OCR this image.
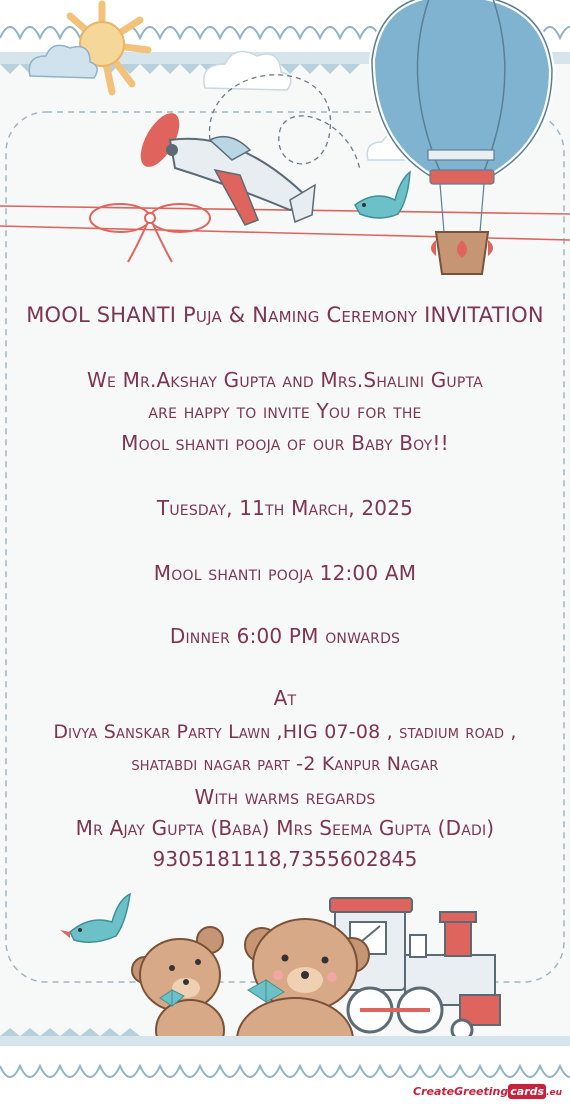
MOOL SHANTI Puja & Naming Ceremony INVITATION
We Mr.Akshay Gupta and Mrs.Shalini Gupta
are happy to invite You for the
Mool shanti pooja of our Baby Boy!!
Tuesday, 11th March, 2025
Mool shanti pooja 12:00 AM
Dinner 6:00 PM onwards
At
Divya Sanskar Party Lawn ,HIG 07-08 , stadium road ,
shatabdi nagar part -2 Kanpur Nagar
With warms regards
Mr Ajay Gupta (Baba) Mrs Seema Gupta (Dadi)
9305181118,7355602845
CreateGreeting cards .eu
